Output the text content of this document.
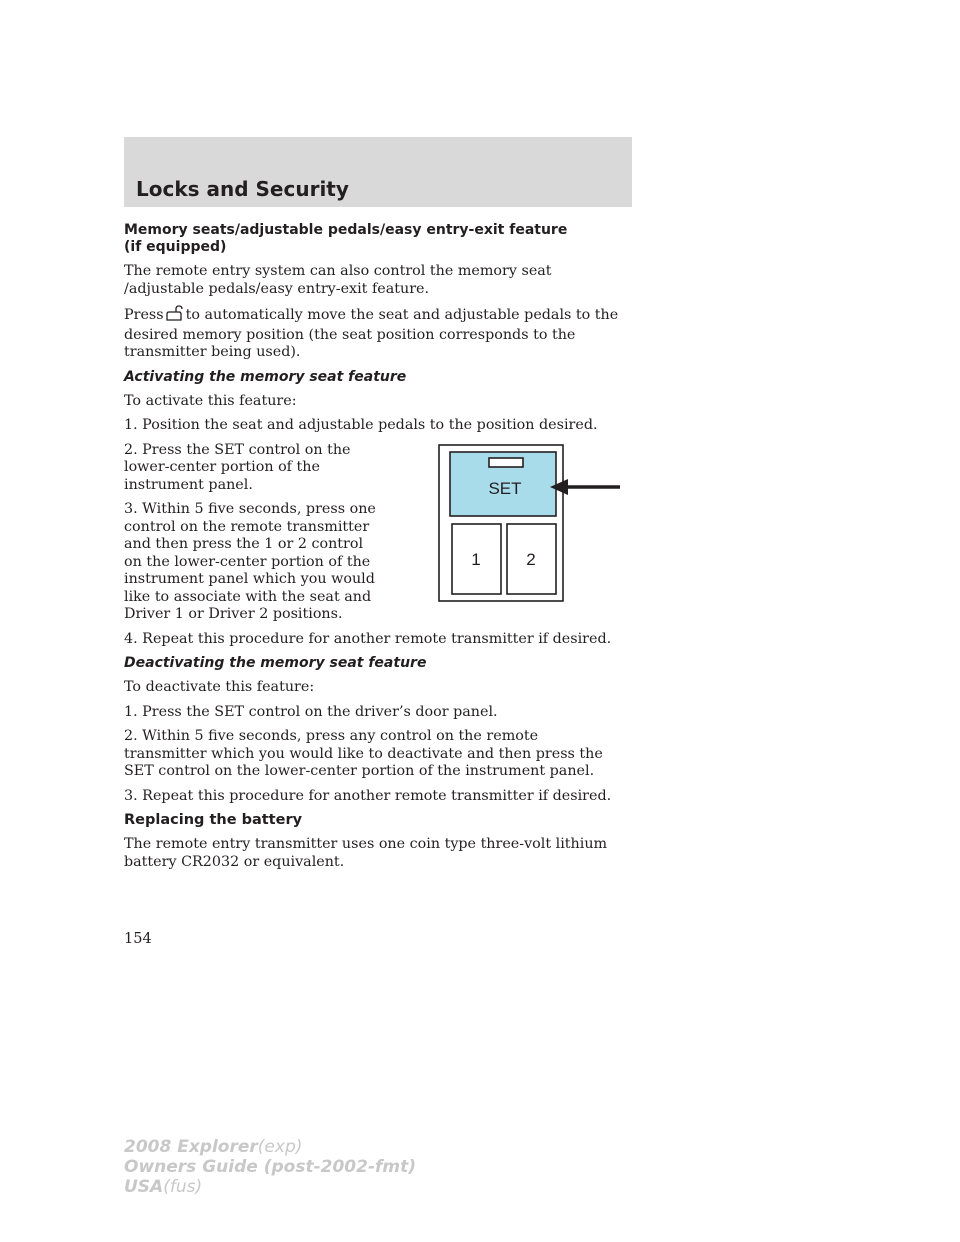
Locks and Security
Memory seats/adjustable pedals/easy entry-exit feature
(if equipped)

The remote entry system can also control the memory seat /adjustable pedals/easy entry-exit feature.

Press to automatically move the seat and adjustable pedals to the desired memory position (the seat position corresponds to the transmitter being used).

Activating the memory seat feature

To activate this feature:

1. Position the seat and adjustable pedals to the position desired.

2. Press the SET control on the lower-center portion of the instrument panel.

3. Within 5 five seconds, press one control on the remote transmitter and then press the 1 or 2 control on the lower-center portion of the instrument panel which you would like to associate with the seat and Driver 1 or Driver 2 positions.

4. Repeat this procedure for another remote transmitter if desired.

Deactivating the memory seat feature

To deactivate this feature:

1. Press the SET control on the driver’s door panel.

2. Within 5 five seconds, press any control on the remote transmitter which you would like to deactivate and then press the SET control on the lower-center portion of the instrument panel.

3. Repeat this procedure for another remote transmitter if desired.

Replacing the battery

The remote entry transmitter uses one coin type three-volt lithium battery CR2032 or equivalent.

SET
1	2
154
2008 Explorer(exp)
Owners Guide (post-2002-fmt)
USA(fus)
